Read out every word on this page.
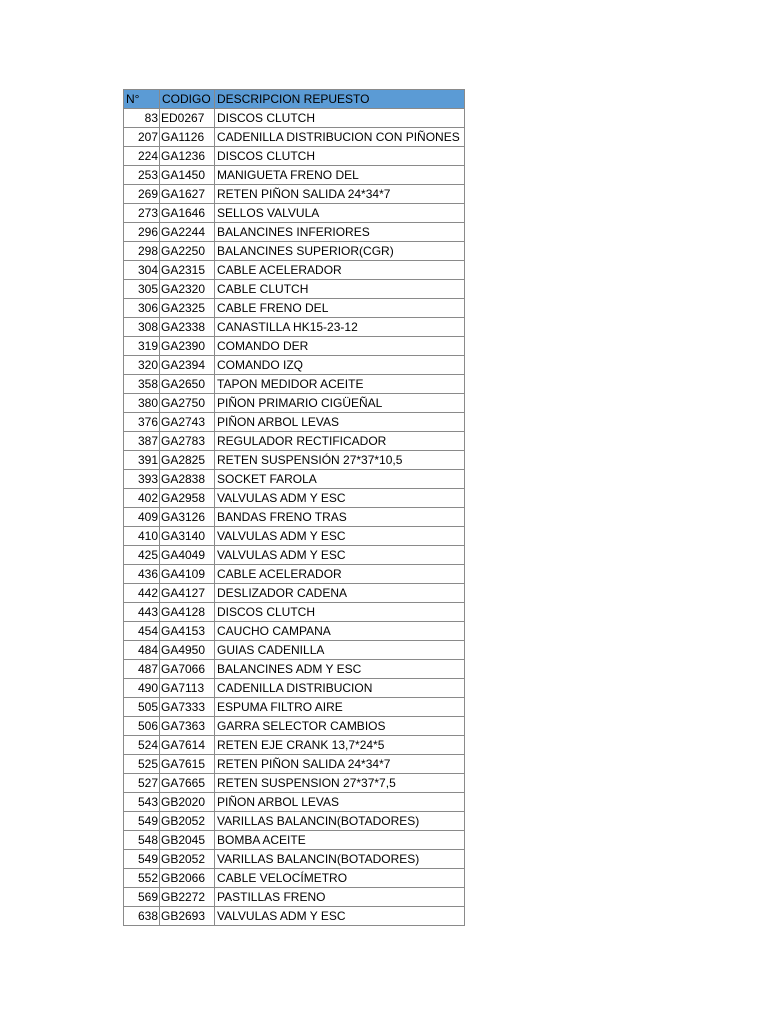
N°	CODIGO	DESCRIPCION REPUESTO
83	ED0267	DISCOS CLUTCH
207	GA1126	CADENILLA DISTRIBUCION CON PIÑONES
224	GA1236	DISCOS CLUTCH
253	GA1450	MANIGUETA FRENO DEL
269	GA1627	RETEN PIÑON SALIDA 24*34*7
273	GA1646	SELLOS VALVULA
296	GA2244	BALANCINES INFERIORES
298	GA2250	BALANCINES SUPERIOR(CGR)
304	GA2315	CABLE ACELERADOR
305	GA2320	CABLE CLUTCH
306	GA2325	CABLE FRENO DEL
308	GA2338	CANASTILLA HK15-23-12
319	GA2390	COMANDO DER
320	GA2394	COMANDO IZQ
358	GA2650	TAPON MEDIDOR ACEITE
380	GA2750	PIÑON PRIMARIO CIGÜEÑAL
376	GA2743	PIÑON ARBOL LEVAS
387	GA2783	REGULADOR RECTIFICADOR
391	GA2825	RETEN SUSPENSIÓN 27*37*10,5
393	GA2838	SOCKET FAROLA
402	GA2958	VALVULAS ADM Y ESC
409	GA3126	BANDAS FRENO TRAS
410	GA3140	VALVULAS ADM Y ESC
425	GA4049	VALVULAS ADM Y ESC
436	GA4109	CABLE ACELERADOR
442	GA4127	DESLIZADOR CADENA
443	GA4128	DISCOS CLUTCH
454	GA4153	CAUCHO CAMPANA
484	GA4950	GUIAS CADENILLA
487	GA7066	BALANCINES ADM Y ESC
490	GA7113	CADENILLA DISTRIBUCION
505	GA7333	ESPUMA FILTRO AIRE
506	GA7363	GARRA SELECTOR CAMBIOS
524	GA7614	RETEN EJE CRANK 13,7*24*5
525	GA7615	RETEN PIÑON SALIDA 24*34*7
527	GA7665	RETEN SUSPENSION 27*37*7,5
543	GB2020	PIÑON ARBOL LEVAS
549	GB2052	VARILLAS BALANCIN(BOTADORES)
548	GB2045	BOMBA ACEITE
549	GB2052	VARILLAS BALANCIN(BOTADORES)
552	GB2066	CABLE VELOCÍMETRO
569	GB2272	PASTILLAS FRENO
638	GB2693	VALVULAS ADM Y ESC
